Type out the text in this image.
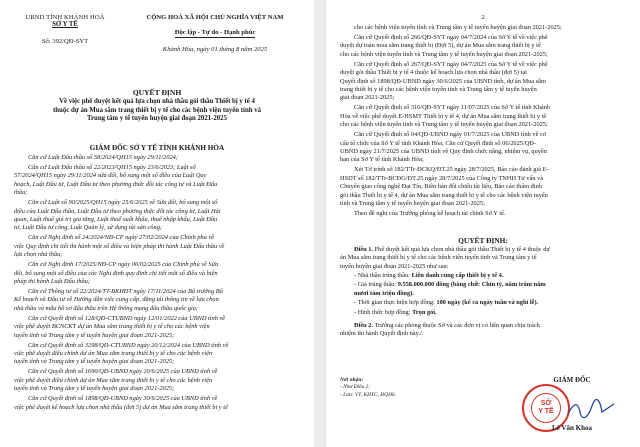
UBND TỈNH KHÁNH HOÀ
SỞ Y TẾ
Số: 392/QĐ-SYT
CỘNG HOÀ XÃ HỘI CHỦ NGHĨA VIỆT NAM
Độc lập - Tự do - Hạnh phúc
Khánh Hòa, ngày 01 tháng 8 năm 2025
QUYẾT ĐỊNH
Về việc phê duyệt kết quả lựa chọn nhà thầu gói thầu Thiết bị y tế 4
thuộc dự án Mua sắm trang thiết bị y tế cho các bệnh viện tuyến tỉnh và
Trung tâm y tế tuyến huyện giai đoạn 2021-2025
GIÁM ĐỐC SỞ Y TẾ TỈNH KHÁNH HÒA
Căn cứ Luật Đấu thầu số 58/2024/QH15 ngày 29/11/2024;
Căn cứ Luật Đấu thầu số 22/2023/QH15 ngày 23/6/2023; Luật số
57/2024/QH15 ngày 29/11/2024 sửa đổi, bổ sung một số điều của Luật Quy
hoạch, Luật Đầu tư, Luật Đầu tư theo phương thức đối tác công tư và Luật Đấu
thầu;
Căn cứ Luật số 90/2025/QH15 ngày 25/6/2025 về Sửa đổi, bổ sung một số
điều của Luật Đấu thầu, Luật Đầu tư theo phương thức đối tác công tư, Luật Hải
quan, Luật thuế giá trị gia tăng, Luật thuế xuất khẩu, thuế nhập khẩu, Luật Đầu
tư, Luật Đầu tư công, Luật Quản lý, sử dụng tài sản công;
Căn cứ Nghị định số 24/2024/NĐ-CP ngày 27/02/2024 của Chính phủ về
việc Quy định chi tiết thi hành một số điều và biện pháp thi hành Luật Đấu thầu về
lựa chọn nhà thầu;
Căn cứ Nghị định 17/2025/NĐ-CP ngày 06/02/2025 của Chính phủ về Sửa
đổi, bổ sung một số điều của các Nghị định quy định chi tiết một số điều và biện
pháp thi hành Luật Đấu thầu;
Căn cứ Thông tư số 22/2024/TT-BKHĐT ngày 17/11/2024 của Bộ trưởng Bộ
Kế hoạch và Đầu tư về Hướng dẫn việc cung cấp, đăng tải thông tin về lựa chọn
nhà thầu và mẫu hồ sơ đấu thầu trên Hệ thống mạng đấu thầu quốc gia;
Căn cứ Quyết định số 128/QĐ-CTUBND ngày 12/01/2022 của UBND tỉnh về
việc phê duyệt BCNCKT dự án Mua sắm trang thiết bị y tế cho các bệnh viện
tuyến tỉnh và Trung tâm y tế tuyến huyện giai đoạn 2021-2025;
Căn cứ Quyết định số 3298/QĐ-CTUBND ngày 20/12/2024 của UBND tỉnh về
việc phê duyệt điều chỉnh dự án Mua sắm trang thiết bị y tế cho các bệnh viện
tuyến tỉnh và Trung tâm y tế tuyến huyện giai đoạn 2021-2025;
Căn cứ Quyết định số 1690/QĐ-UBND ngày 20/6/2025 của UBND tỉnh về
việc phê duyệt điều chỉnh dự án Mua sắm trang thiết bị y tế cho các bệnh viện
tuyến tỉnh và Trung tâm y tế tuyến huyện giai đoạn 2021-2025;
Căn cứ Quyết định số 1898/QĐ-UBND ngày 30/6/2025 của UBND tỉnh về
việc phê duyệt kế hoạch lựa chọn nhà thầu (đợt 5) dự án Mua sắm trang thiết bị y tế
2
cho các bệnh viện tuyến tỉnh và Trung tâm y tế tuyến huyện giai đoạn 2021-2025;
Căn cứ Quyết định số 266/QĐ-SYT ngày 04/7/2024 của Sở Y tế về việc phê
duyệt dự toán mua sắm trang thiết bị (Đợt 5), dự án Mua sắm trang thiết bị y tế
cho các bệnh viện tuyến tỉnh và Trung tâm y tế tuyến huyện giai đoạn 2021-2025;
Căn cứ Quyết định số 267/QĐ-SYT ngày 04/7/2025 của Sở Y tế về việc phê
duyệt gói thầu Thiết bị y tế 4 thuộc kế hoạch lựa chọn nhà thầu (đợt 5) tại
Quyết định số 1898/QĐ-UBND ngày 30/6/2025 của UBND tỉnh, dự án Mua sắm
trang thiết bị y tế cho các bệnh viện tuyến tỉnh và Trung tâm y tế tuyến huyện
giai đoạn 2021-2025;
Căn cứ Quyết định số 316/QĐ-SYT ngày 11/07/2025 của Sở Y tế tỉnh Khánh
Hòa về việc phê duyệt E-HSMT Thiết bị y tế 4, dự án Mua sắm trang thiết bị y tế
cho các bệnh viện tuyến tỉnh và Trung tâm y tế tuyến huyện giai đoạn 2021-2025;
Căn cứ Quyết định số 04/QĐ-UBND ngày 01/7/2025 của UBND tỉnh về cơ
cấu tổ chức của Sở Y tế tỉnh Khánh Hòa; Căn cứ Quyết định số 06/2025/QĐ-
UBND ngày 21/7/2025 của UBND tỉnh về Quy định chức năng, nhiệm vụ, quyền
hạn của Sở Y tế tỉnh Khánh Hòa;
Xét Tờ trình số 182/TTr-ĐCKQ/ĐT.25 ngày 28/7/2025, Báo cáo đánh giá E-
HSDT số 182/TTr-BCĐG/ĐT.25 ngày 28/7/2025 của Công ty TNHH Tư vấn và
Chuyển giao công nghệ Đạt Tín, Biên bản đối chiếu tài liệu, Báo cáo thẩm định
gói thầu Thiết bị y tế 4, dự án Mua sắm trang thiết bị y tế cho các bệnh viện tuyến
tỉnh và Trung tâm y tế tuyến huyện giai đoạn 2021-2025;
Theo đề nghị của Trưởng phòng kế hoạch tài chính Sở Y tế.
QUYẾT ĐỊNH:
Điều 1. Phê duyệt kết quả lựa chọn nhà thầu gói thầu Thiết bị y tế 4 thuộc dự
án Mua sắm trang thiết bị y tế cho các bệnh viện tuyến tỉnh và Trung tâm y tế
tuyến huyện giai đoạn 2021-2025 như sau:
- Nhà thầu trúng thầu: Liên danh cung cấp thiết bị y tế 4.
- Giá trúng thầu: 9.558.000.000 đồng (bằng chữ: Chín tỷ, năm trăm năm
mươi tám triệu đồng).
- Thời gian thực hiện hợp đồng: 100 ngày (kể cả ngày tuần và nghỉ lễ).
- Hình thức hợp đồng: Trọn gói.
Điều 2. Trưởng các phòng thuộc Sở và các đơn vị có liên quan chịu trách
nhiệm thi hành Quyết định này./.
Nơi nhận:
- Như Điều 2;
- Lưu: VT, KHTC, ĐQH6.
GIÁM ĐỐC
SỞ
Y TẾ
Lê Văn Khoa
